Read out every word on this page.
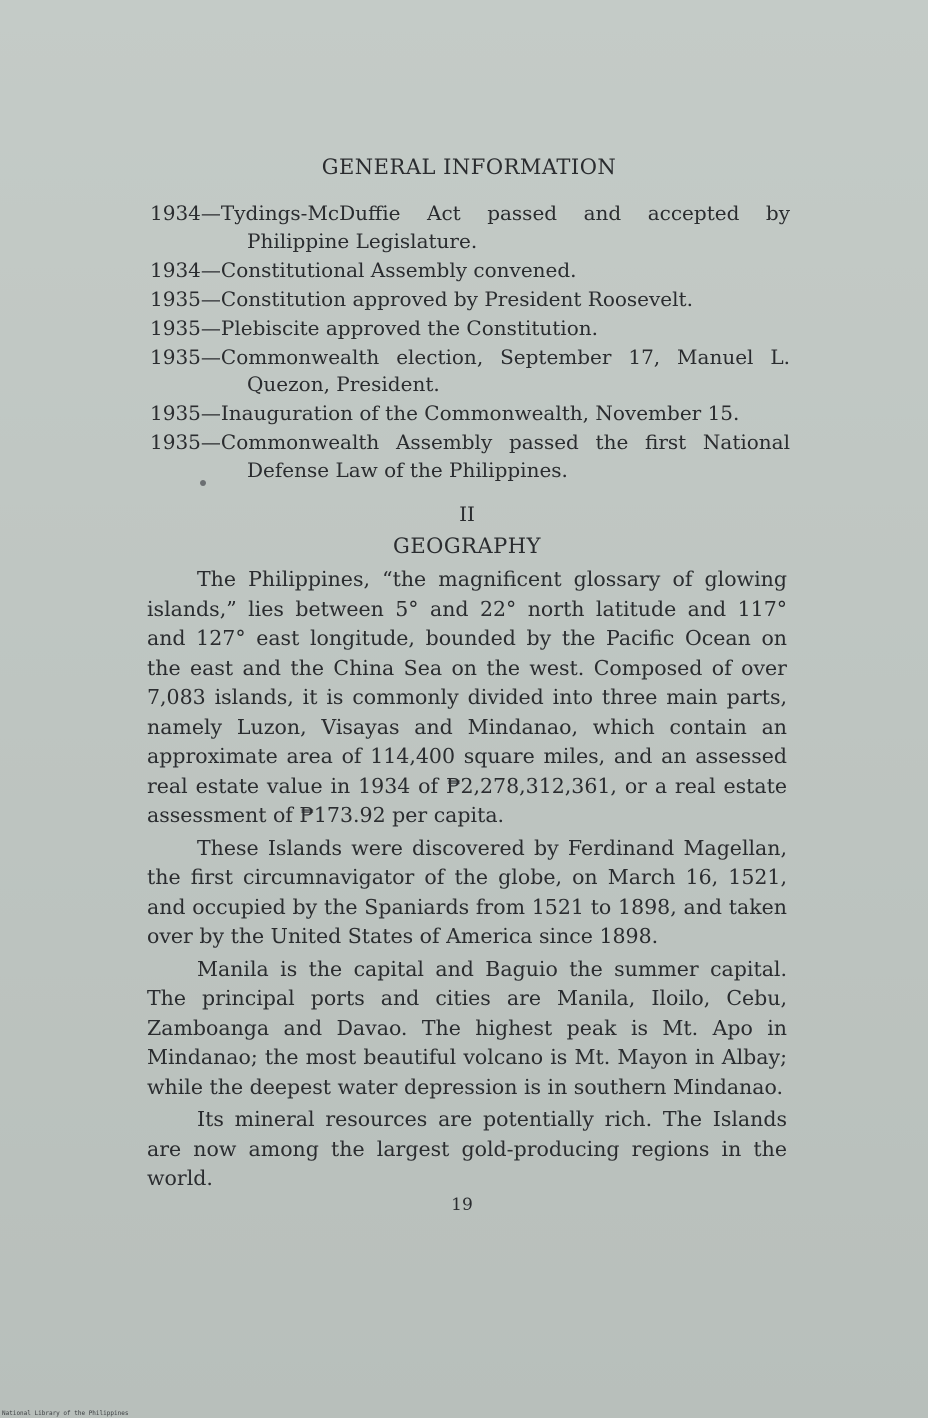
GENERAL INFORMATION
1934—Tydings-McDuffie Act passed and accepted by Philippine Legislature.
1934—Constitutional Assembly convened.
1935—Constitution approved by President Roosevelt.
1935—Plebiscite approved the Constitution.
1935—Commonwealth election, September 17, Manuel L. Quezon, President.
1935—Inauguration of the Commonwealth, November 15.
1935—Commonwealth Assembly passed the first National Defense Law of the Philippines.

II

GEOGRAPHY

The Philippines, “the magnificent glossary of glowing islands,” lies between 5° and 22° north latitude and 117° and 127° east longitude, bounded by the Pacific Ocean on the east and the China Sea on the west. Composed of over 7,083 islands, it is commonly divided into three main parts, namely Luzon, Visayas and Mindanao, which contain an approximate area of 114,400 square miles, and an assessed real estate value in 1934 of ₱2,278,312,361, or a real estate assessment of ₱173.92 per capita.

These Islands were discovered by Ferdinand Magellan, the first circumnavigator of the globe, on March 16, 1521, and occupied by the Spaniards from 1521 to 1898, and taken over by the United States of America since 1898.

Manila is the capital and Baguio the summer capital. The principal ports and cities are Manila, Iloilo, Cebu, Zamboanga and Davao. The highest peak is Mt. Apo in Mindanao; the most beautiful volcano is Mt. Mayon in Albay; while the deepest water depression is in southern Mindanao.

Its mineral resources are potentially rich. The Islands are now among the largest gold-producing regions in the world.

19

National Library of the Philippines
